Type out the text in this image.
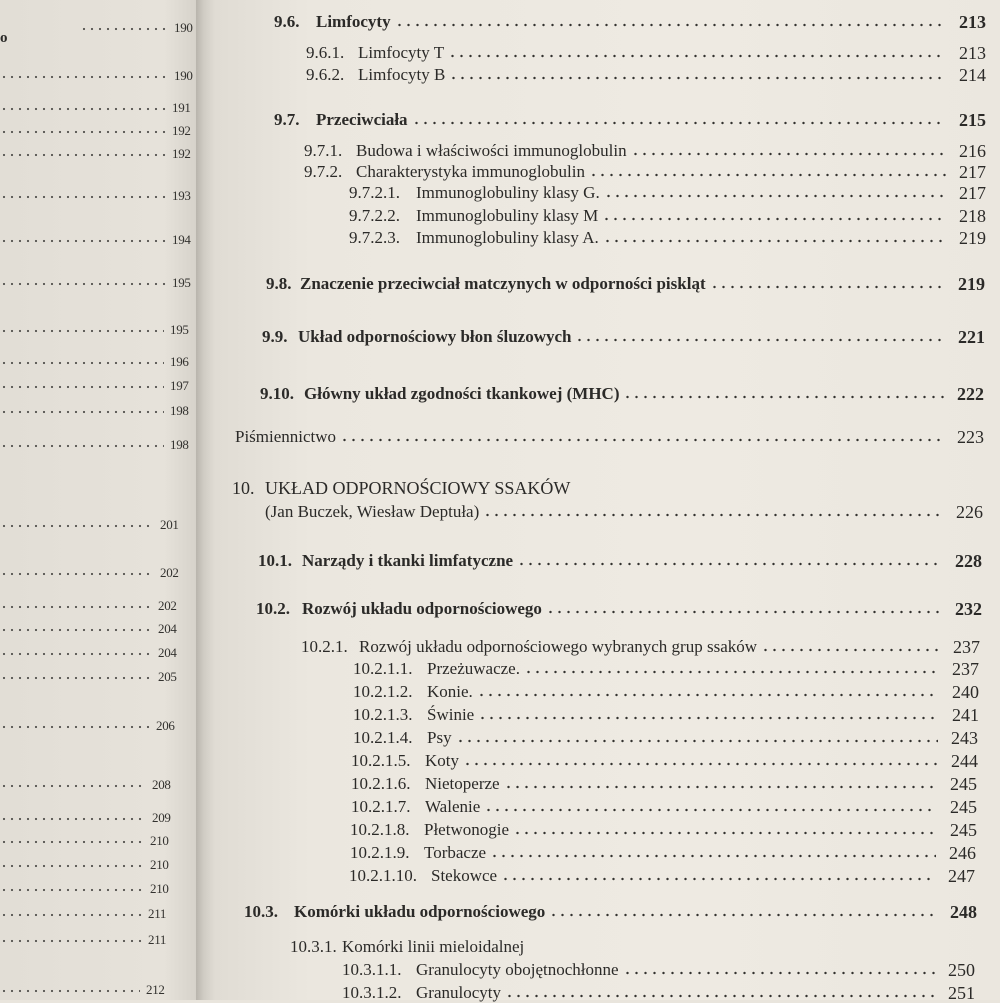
o
190
190
191
192
192
193
194
195
195
196
197
198
198
201
202
202
204
204
205
206
208
209
210
210
210
211
211
212
9.6. Limfocyty	213
9.6.1. Limfocyty T	213
9.6.2. Limfocyty B	214
9.7. Przeciwciała	215
9.7.1. Budowa i właściwości immunoglobulin	216
9.7.2. Charakterystyka immunoglobulin	217
9.7.2.1. Immunoglobuliny klasy G.	217
9.7.2.2. Immunoglobuliny klasy M	218
9.7.2.3. Immunoglobuliny klasy A.	219
9.8. Znaczenie przeciwciał matczynych w odporności piskląt	219
9.9. Układ odpornościowy błon śluzowych	221
9.10. Główny układ zgodności tkankowej (MHC)	222
Piśmiennictwo	223
10. UKŁAD ODPORNOŚCIOWY SSAKÓW
(Jan Buczek, Wiesław Deptuła)	226
10.1. Narządy i tkanki limfatyczne	228
10.2. Rozwój układu odpornościowego	232
10.2.1. Rozwój układu odpornościowego wybranych grup ssaków	237
10.2.1.1. Przeżuwacze.	237
10.2.1.2. Konie.	240
10.2.1.3. Świnie	241
10.2.1.4. Psy	243
10.2.1.5. Koty	244
10.2.1.6. Nietoperze	245
10.2.1.7. Walenie	245
10.2.1.8. Płetwonogie	245
10.2.1.9. Torbacze	246
10.2.1.10. Stekowce	247
10.3. Komórki układu odpornościowego	248
10.3.1. Komórki linii mieloidalnej
10.3.1.1. Granulocyty obojętnochłonne	250
10.3.1.2. Granulocyty	251
